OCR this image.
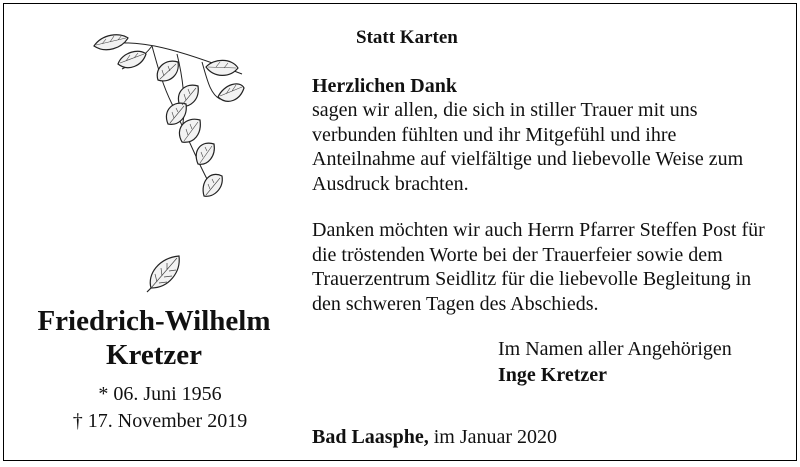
Friedrich-Wilhelm
Kretzer
* 06. Juni 1956
† 17. November 2019
Statt Karten
Herzlichen Dank
sagen wir allen, die sich in stiller Trauer mit uns verbunden fühlten und ihr Mitgefühl und ihre Anteilnahme auf vielfältige und liebevolle Weise zum Ausdruck brachten.
Danken möchten wir auch Herrn Pfarrer Steffen Post für die tröstenden Worte bei der Trauerfeier sowie dem Trauerzentrum Seidlitz für die liebevolle Begleitung in den schweren Tagen des Abschieds.
Im Namen aller Angehörigen
Inge Kretzer
Bad Laasphe, im Januar 2020
